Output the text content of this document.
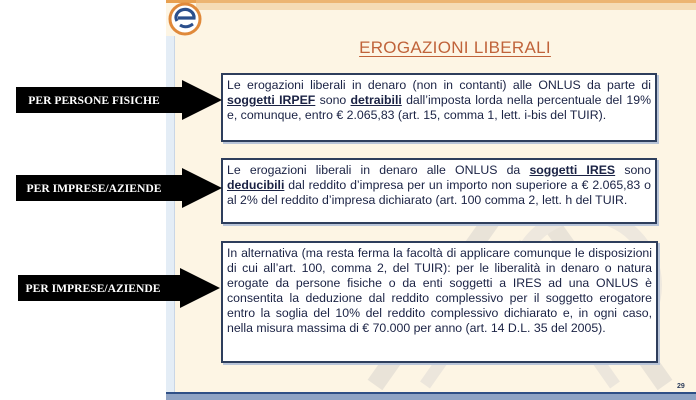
EROGAZIONI LIBERALI

Le erogazioni liberali in denaro (non in contanti) alle ONLUS da parte di soggetti IRPEF sono detraibili dall’imposta lorda nella percentuale del 19% e, comunque, entro € 2.065,83 (art. 15, comma 1, lett. i-bis del TUIR).

Le erogazioni liberali in denaro alle ONLUS da soggetti IRES sono deducibili dal reddito d’impresa per un importo non superiore a € 2.065,83 o al 2% del reddito d’impresa dichiarato (art. 100 comma 2, lett. h del TUIR.

In alternativa (ma resta ferma la facoltà di applicare comunque le disposizioni di cui all’art. 100, comma 2, del TUIR): per le liberalità in denaro o natura erogate da persone fisiche o da enti soggetti a IRES ad una ONLUS è consentita la deduzione dal reddito complessivo per il soggetto erogatore entro la soglia del 10% del reddito complessivo dichiarato e, in ogni caso, nella misura massima di € 70.000 per anno (art. 14 D.L. 35 del 2005).

PER PERSONE FISICHE
PER IMPRESE/AZIENDE
PER IMPRESE/AZIENDE
29
